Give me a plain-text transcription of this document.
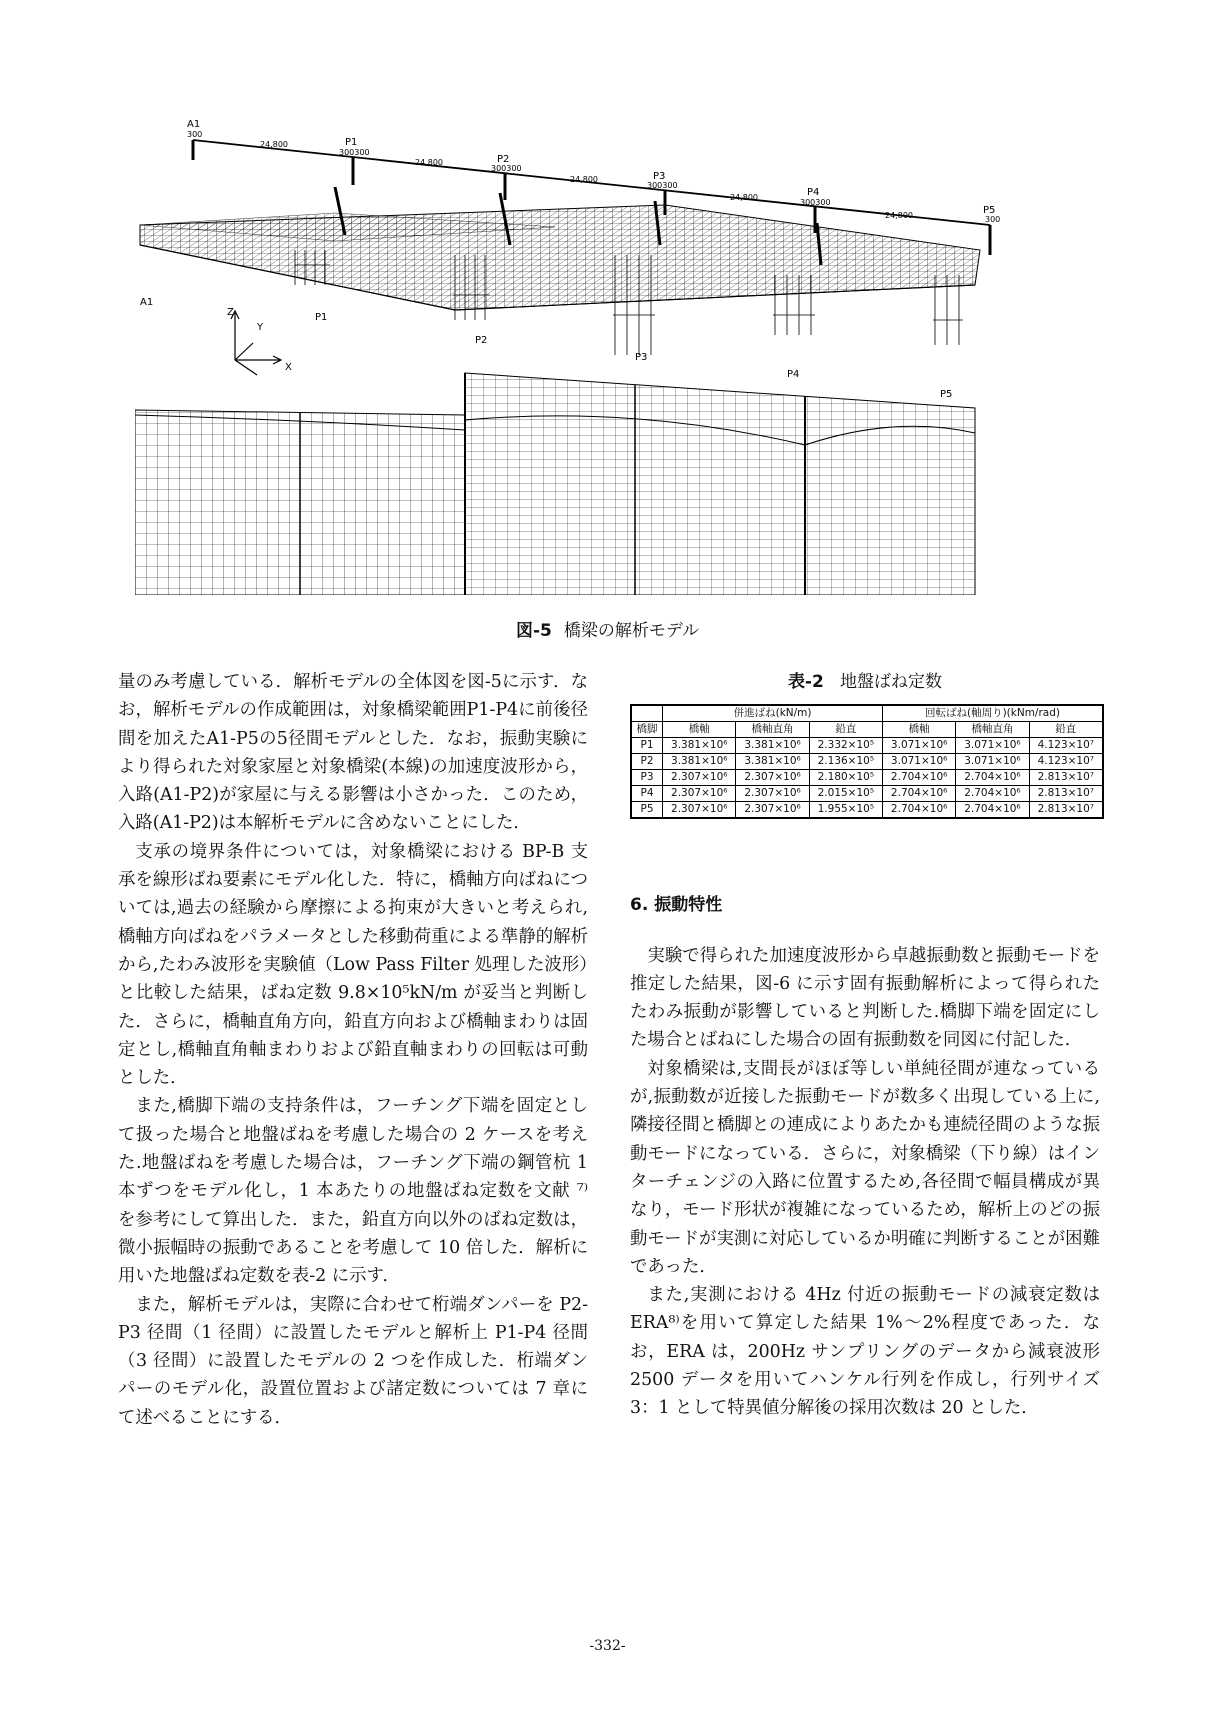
24,800
24,800
24,800
24,800
24,800
300
300300
300300
300300
300300
300
A1
P1
P2
P3
P4
P5
A1
P1
P2
P3
P4
P5
Z
Y
X
図-5 橋梁の解析モデル

量のみ考慮している．解析モデルの全体図を図-5に示す．なお，解析モデルの作成範囲は，対象橋梁範囲P1-P4に前後径間を加えたA1-P5の5径間モデルとした．なお，振動実験により得られた対象家屋と対象橋梁(本線)の加速度波形から，入路(A1-P2)が家屋に与える影響は小さかった．このため，入路(A1-P2)は本解析モデルに含めないことにした．

支承の境界条件については，対象橋梁における BP-B 支承を線形ばね要素にモデル化した．特に，橋軸方向ばねについては,過去の経験から摩擦による拘束が大きいと考えられ,橋軸方向ばねをパラメータとした移動荷重による準静的解析から,たわみ波形を実験値（Low Pass Filter 処理した波形）と比較した結果，ばね定数 9.8×10⁵kN/m が妥当と判断した．さらに，橋軸直角方向，鉛直方向および橋軸まわりは固定とし,橋軸直角軸まわりおよび鉛直軸まわりの回転は可動とした．

また,橋脚下端の支持条件は，フーチング下端を固定として扱った場合と地盤ばねを考慮した場合の 2 ケースを考えた.地盤ばねを考慮した場合は，フーチング下端の鋼管杭 1 本ずつをモデル化し，1 本あたりの地盤ばね定数を文献 ⁷⁾ を参考にして算出した．また，鉛直方向以外のばね定数は，微小振幅時の振動であることを考慮して 10 倍した．解析に用いた地盤ばね定数を表-2 に示す．

また，解析モデルは，実際に合わせて桁端ダンパーを P2-P3 径間（1 径間）に設置したモデルと解析上 P1-P4 径間（3 径間）に設置したモデルの 2 つを作成した．桁端ダンパーのモデル化，設置位置および諸定数については 7 章にて述べることにする．

表-2 地盤ばね定数
	併進ばね(kN/m)			回転ばね(軸周り)(kNm/rad)		
橋脚	橋軸	橋軸直角	鉛直	橋軸	橋軸直角	鉛直
P1	3.381×10⁶	3.381×10⁶	2.332×10⁵	3.071×10⁶	3.071×10⁶	4.123×10⁷
P2	3.381×10⁶	3.381×10⁶	2.136×10⁵	3.071×10⁶	3.071×10⁶	4.123×10⁷
P3	2.307×10⁶	2.307×10⁶	2.180×10⁵	2.704×10⁶	2.704×10⁶	2.813×10⁷
P4	2.307×10⁶	2.307×10⁶	2.015×10⁵	2.704×10⁶	2.704×10⁶	2.813×10⁷
P5	2.307×10⁶	2.307×10⁶	1.955×10⁵	2.704×10⁶	2.704×10⁶	2.813×10⁷
6. 振動特性

実験で得られた加速度波形から卓越振動数と振動モードを推定した結果，図-6 に示す固有振動解析によって得られたたわみ振動が影響していると判断した.橋脚下端を固定にした場合とばねにした場合の固有振動数を同図に付記した．

対象橋梁は,支間長がほぼ等しい単純径間が連なっているが,振動数が近接した振動モードが数多く出現している上に,隣接径間と橋脚との連成によりあたかも連続径間のような振動モードになっている．さらに，対象橋梁（下り線）はインターチェンジの入路に位置するため,各径間で幅員構成が異なり，モード形状が複雑になっているため，解析上のどの振動モードが実測に対応しているか明確に判断することが困難であった．

また,実測における 4Hz 付近の振動モードの減衰定数は ERA⁸⁾を用いて算定した結果 1%～2%程度であった．なお，ERA は，200Hz サンプリングのデータから減衰波形 2500 データを用いてハンケル行列を作成し，行列サイズ 3：1 として特異値分解後の採用次数は 20 とした．

-332-
